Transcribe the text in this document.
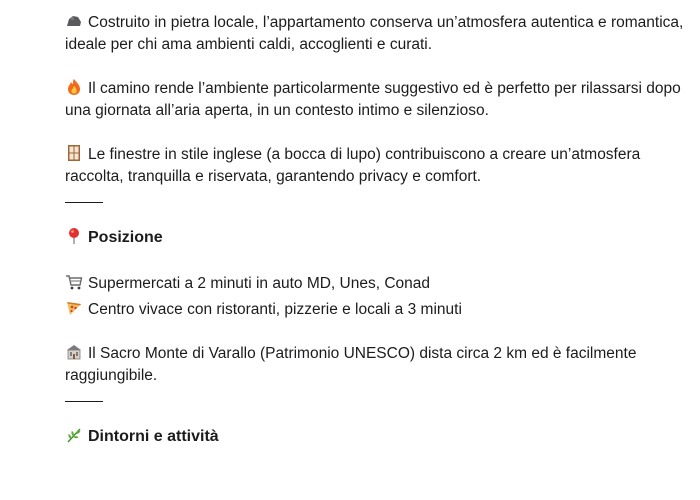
Costruito in pietra locale, l’appartamento conserva un’atmosfera autentica e romantica, ideale per chi ama ambienti caldi, accoglienti e curati.

Il camino rende l’ambiente particolarmente suggestivo ed è perfetto per rilassarsi dopo una giornata all’aria aperta, in un contesto intimo e silenzioso.

Le finestre in stile inglese (a bocca di lupo) contribuiscono a creare un’atmosfera raccolta, tranquilla e riservata, garantendo privacy e comfort.

Posizione

Supermercati a 2 minuti in auto MD, Unes, Conad

Centro vivace con ristoranti, pizzerie e locali a 3 minuti

Il Sacro Monte di Varallo (Patrimonio UNESCO) dista circa 2 km ed è facilmente raggiungibile.

Dintorni e attività
